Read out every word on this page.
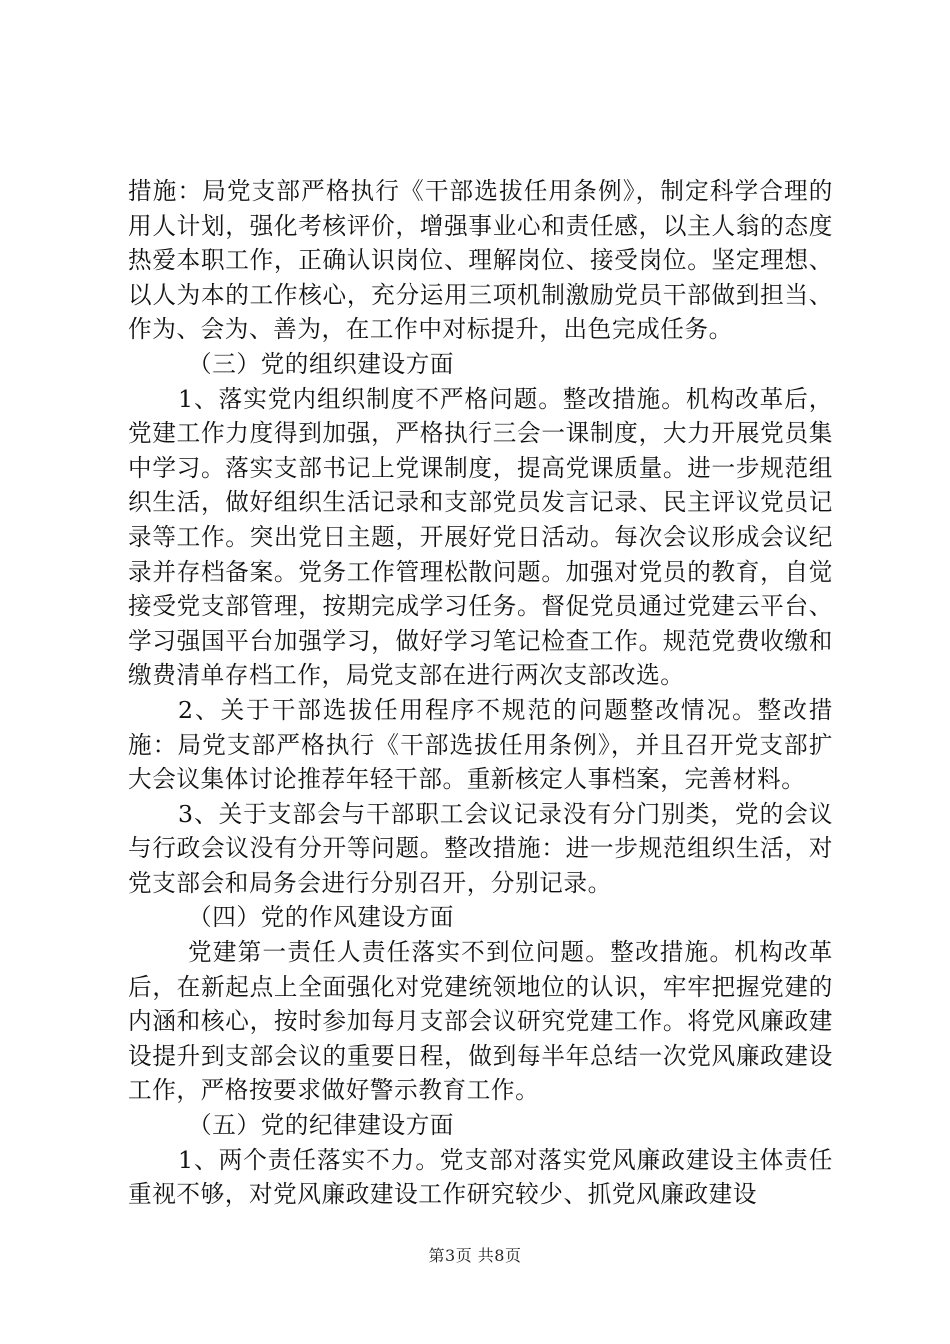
措施：局党支部严格执行《干部选拔任用条例》，制定科学合理的用人计划，强化考核评价，增强事业心和责任感，以主人翁的态度热爱本职工作，正确认识岗位、理解岗位、接受岗位。坚定理想、以人为本的工作核心，充分运用三项机制激励党员干部做到担当、作为、会为、善为，在工作中对标提升，出色完成任务。

（三）党的组织建设方面

1、落实党内组织制度不严格问题。整改措施。机构改革后，党建工作力度得到加强，严格执行三会一课制度，大力开展党员集中学习。落实支部书记上党课制度，提高党课质量。进一步规范组织生活，做好组织生活记录和支部党员发言记录、民主评议党员记录等工作。突出党日主题，开展好党日活动。每次会议形成会议纪录并存档备案。党务工作管理松散问题。加强对党员的教育，自觉接受党支部管理，按期完成学习任务。督促党员通过党建云平台、学习强国平台加强学习，做好学习笔记检查工作。规范党费收缴和缴费清单存档工作，局党支部在进行两次支部改选。

2、关于干部选拔任用程序不规范的问题整改情况。整改措施：局党支部严格执行《干部选拔任用条例》，并且召开党支部扩大会议集体讨论推荐年轻干部。重新核定人事档案，完善材料。

3、关于支部会与干部职工会议记录没有分门别类，党的会议与行政会议没有分开等问题。整改措施：进一步规范组织生活，对党支部会和局务会进行分别召开，分别记录。

（四）党的作风建设方面

党建第一责任人责任落实不到位问题。整改措施。机构改革后，在新起点上全面强化对党建统领地位的认识，牢牢把握党建的内涵和核心，按时参加每月支部会议研究党建工作。将党风廉政建设提升到支部会议的重要日程，做到每半年总结一次党风廉政建设工作，严格按要求做好警示教育工作。

（五）党的纪律建设方面

1、两个责任落实不力。党支部对落实党风廉政建设主体责任重视不够，对党风廉政建设工作研究较少、抓党风廉政建设

第3页 共8页
